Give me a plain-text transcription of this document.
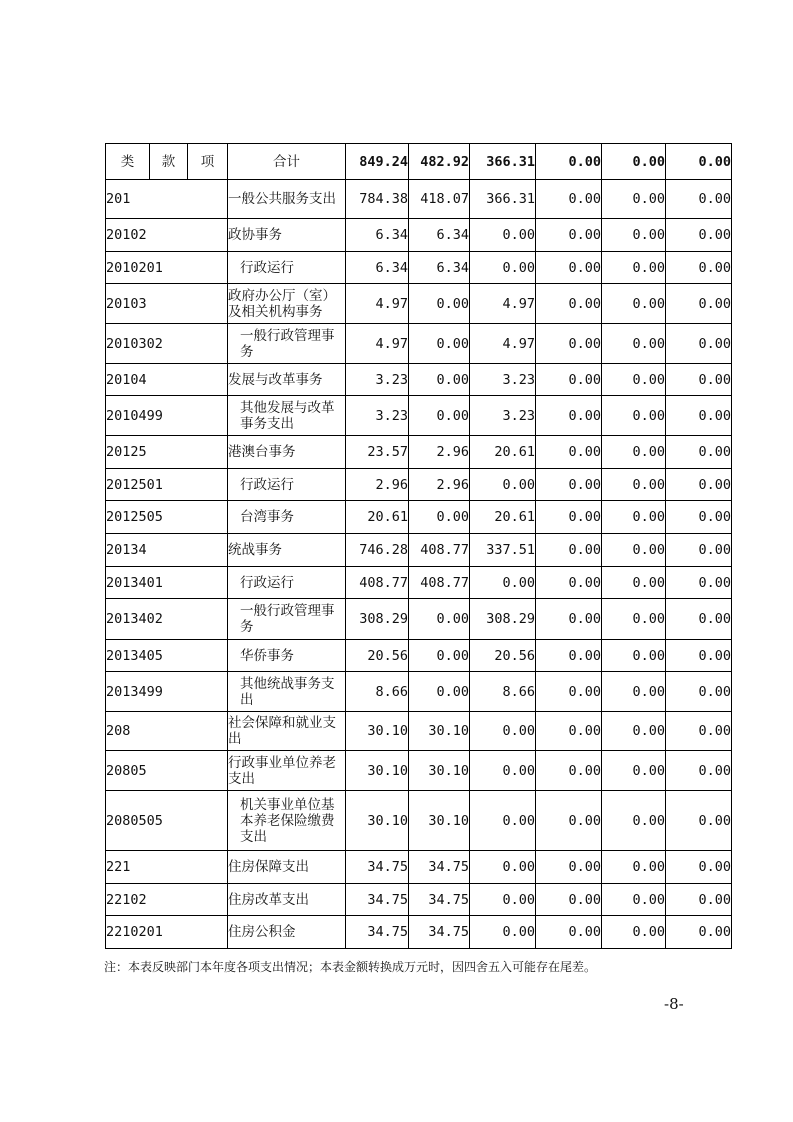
类	款	项	合计	849.24	482.92	366.31	0.00	0.00	0.00
201			一般公共服务支出	784.38	418.07	366.31	0.00	0.00	0.00
20102			政协事务	6.34	6.34	0.00	0.00	0.00	0.00
2010201			行政运行	6.34	6.34	0.00	0.00	0.00	0.00
20103			政府办公厅（室）及相关机构事务	4.97	0.00	4.97	0.00	0.00	0.00
2010302			一般行政管理事务	4.97	0.00	4.97	0.00	0.00	0.00
20104			发展与改革事务	3.23	0.00	3.23	0.00	0.00	0.00
2010499			其他发展与改革事务支出	3.23	0.00	3.23	0.00	0.00	0.00
20125			港澳台事务	23.57	2.96	20.61	0.00	0.00	0.00
2012501			行政运行	2.96	2.96	0.00	0.00	0.00	0.00
2012505			台湾事务	20.61	0.00	20.61	0.00	0.00	0.00
20134			统战事务	746.28	408.77	337.51	0.00	0.00	0.00
2013401			行政运行	408.77	408.77	0.00	0.00	0.00	0.00
2013402			一般行政管理事务	308.29	0.00	308.29	0.00	0.00	0.00
2013405			华侨事务	20.56	0.00	20.56	0.00	0.00	0.00
2013499			其他统战事务支出	8.66	0.00	8.66	0.00	0.00	0.00
208			社会保障和就业支出	30.10	30.10	0.00	0.00	0.00	0.00
20805			行政事业单位养老支出	30.10	30.10	0.00	0.00	0.00	0.00
2080505			机关事业单位基本养老保险缴费支出	30.10	30.10	0.00	0.00	0.00	0.00
221			住房保障支出	34.75	34.75	0.00	0.00	0.00	0.00
22102			住房改革支出	34.75	34.75	0.00	0.00	0.00	0.00
2210201			住房公积金	34.75	34.75	0.00	0.00	0.00	0.00
注：本表反映部门本年度各项支出情况；本表金额转换成万元时，因四舍五入可能存在尾差。
-8-
